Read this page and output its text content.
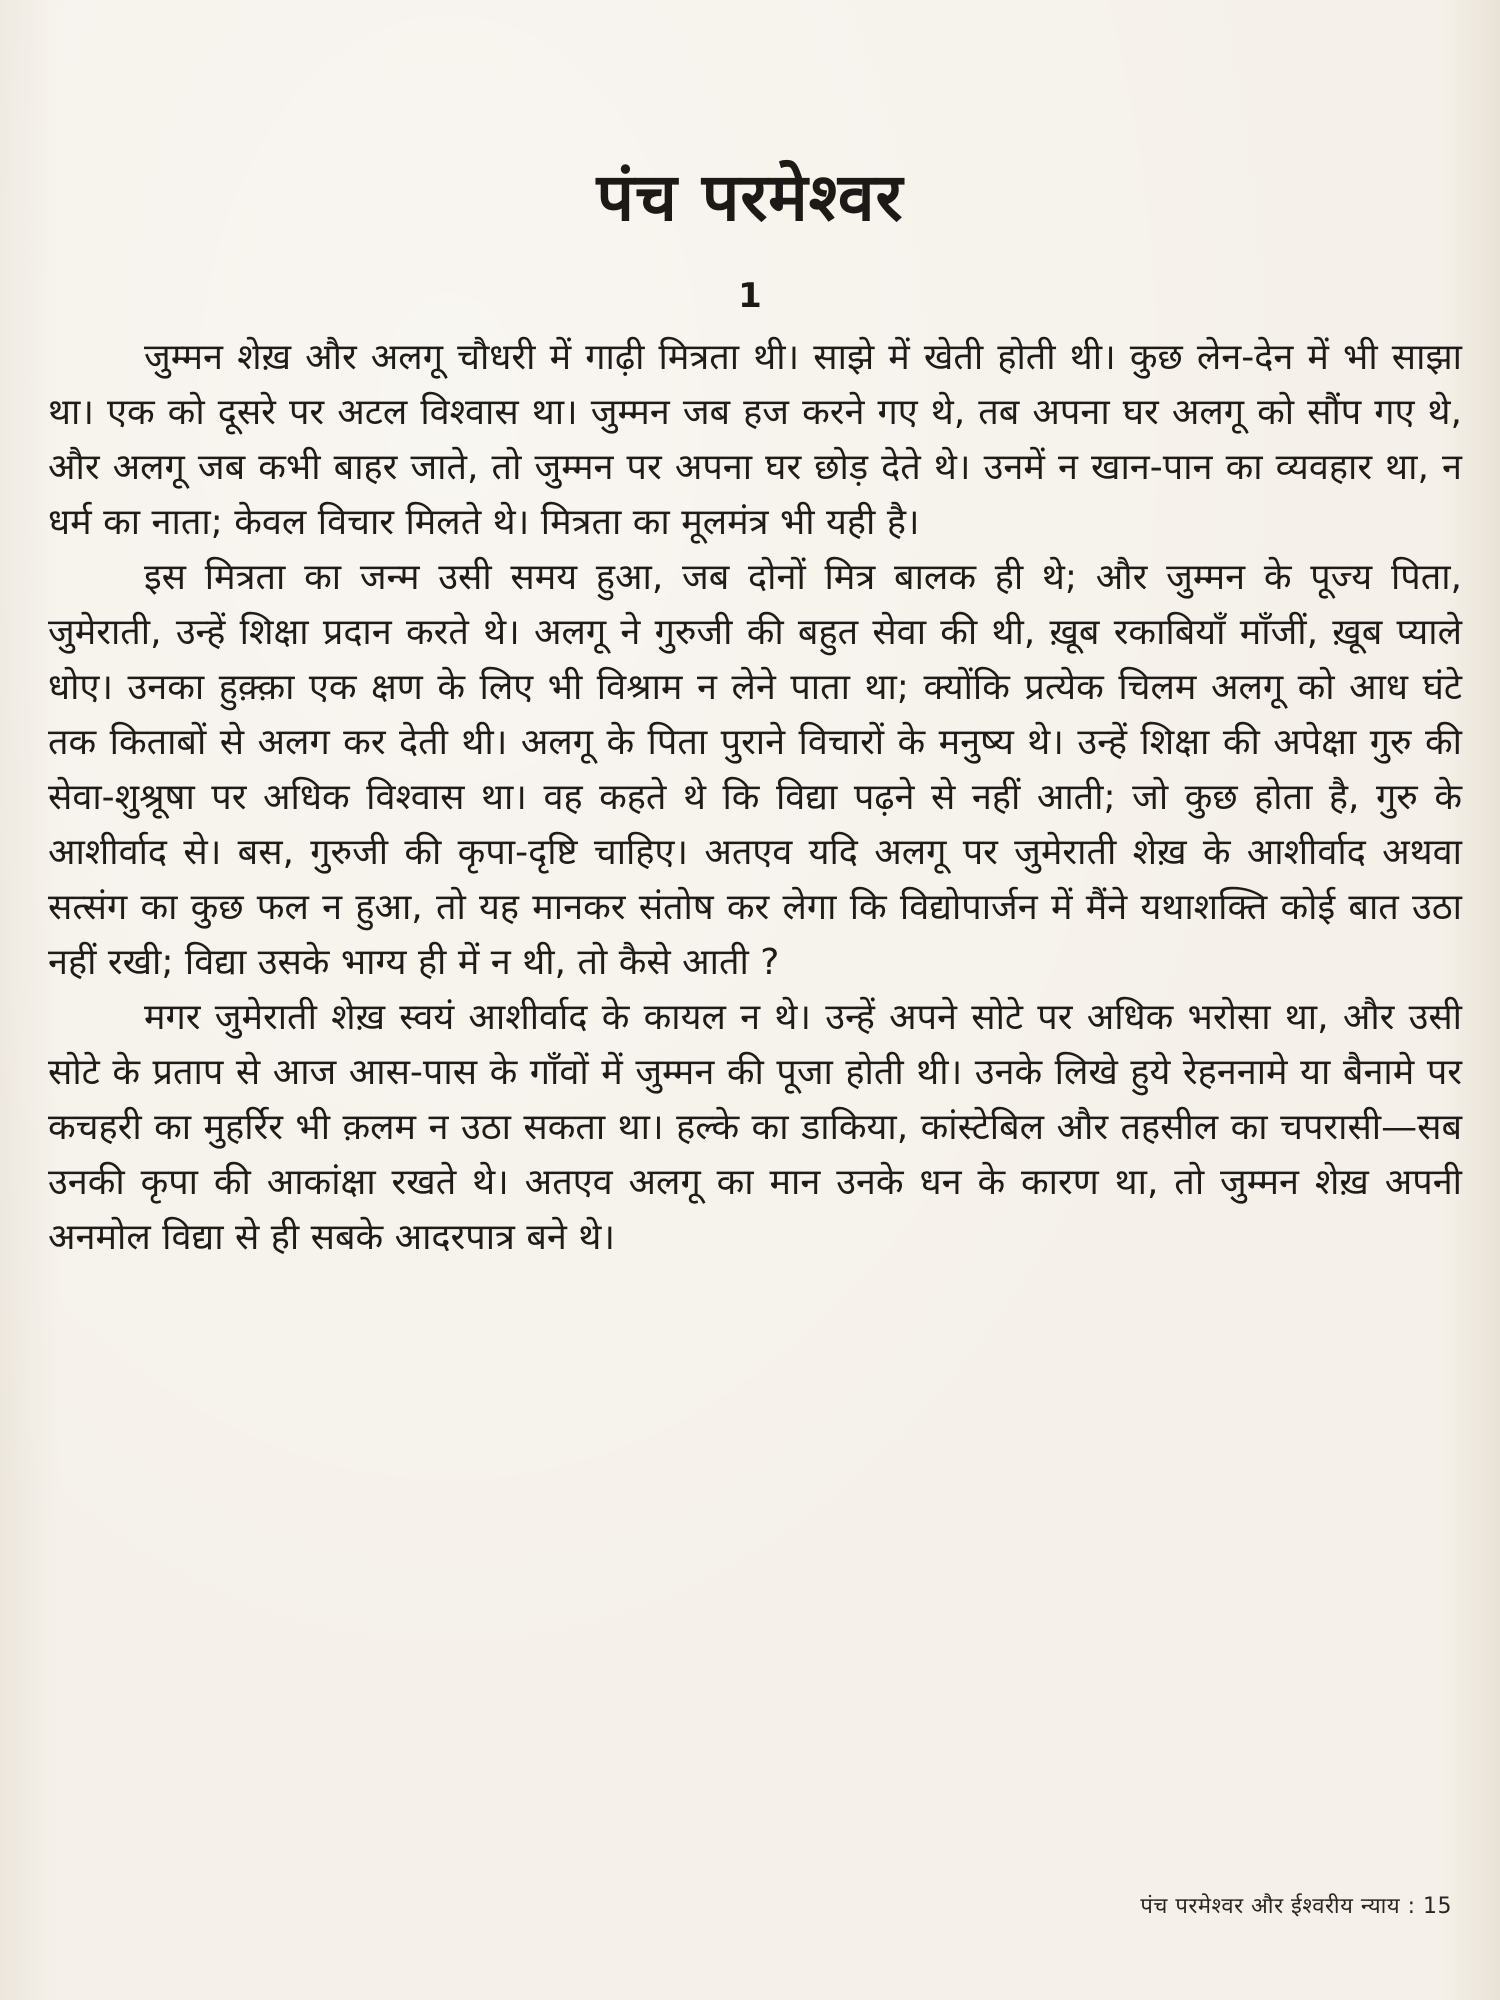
पंच परमेश्वर
1

जुम्मन शेख़ और अलगू चौधरी में गाढ़ी मित्रता थी। साझे में खेती होती थी। कुछ लेन-देन में भी साझा था। एक को दूसरे पर अटल विश्वास था। जुम्मन जब हज करने गए थे, तब अपना घर अलगू को सौंप गए थे, और अलगू जब कभी बाहर जाते, तो जुम्मन पर अपना घर छोड़ देते थे। उनमें न खान-पान का व्यवहार था, न धर्म का नाता; केवल विचार मिलते थे। मित्रता का मूलमंत्र भी यही है।

इस मित्रता का जन्म उसी समय हुआ, जब दोनों मित्र बालक ही थे; और जुम्मन के पूज्य पिता, जुमेराती, उन्हें शिक्षा प्रदान करते थे। अलगू ने गुरुजी की बहुत सेवा की थी, ख़ूब रकाबियाँ माँजीं, ख़ूब प्याले धोए। उनका हुक़्क़ा एक क्षण के लिए भी विश्राम न लेने पाता था; क्योंकि प्रत्येक चिलम अलगू को आध घंटे तक किताबों से अलग कर देती थी। अलगू के पिता पुराने विचारों के मनुष्य थे। उन्हें शिक्षा की अपेक्षा गुरु की सेवा-शुश्रूषा पर अधिक विश्वास था। वह कहते थे कि विद्या पढ़ने से नहीं आती; जो कुछ होता है, गुरु के आशीर्वाद से। बस, गुरुजी की कृपा-दृष्टि चाहिए। अतएव यदि अलगू पर जुमेराती शेख़ के आशीर्वाद अथवा सत्संग का कुछ फल न हुआ, तो यह मानकर संतोष कर लेगा कि विद्योपार्जन में मैंने यथाशक्ति कोई बात उठा नहीं रखी; विद्या उसके भाग्य ही में न थी, तो कैसे आती ?

मगर जुमेराती शेख़ स्वयं आशीर्वाद के कायल न थे। उन्हें अपने सोटे पर अधिक भरोसा था, और उसी सोटे के प्रताप से आज आस-पास के गाँवों में जुम्मन की पूजा होती थी। उनके लिखे हुये रेहननामे या बैनामे पर कचहरी का मुहर्रिर भी क़लम न उठा सकता था। हल्के का डाकिया, कांस्टेबिल और तहसील का चपरासी—सब उनकी कृपा की आकांक्षा रखते थे। अतएव अलगू का मान उनके धन के कारण था, तो जुम्मन शेख़ अपनी अनमोल विद्या से ही सबके आदरपात्र बने थे।

पंच परमेश्वर और ईश्वरीय न्याय : 15
